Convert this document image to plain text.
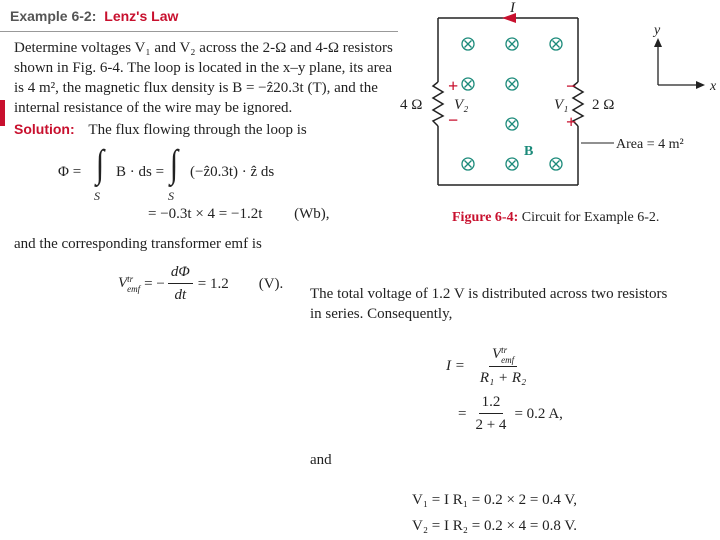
Example 6-2: Lenz's Law
Determine voltages V₁ and V₂ across the 2-Ω and 4-Ω resistors
shown in Fig. 6-4. The loop is located in the x–y plane, its area
is 4 m², the magnetic flux density is B = −ẑ20.3t (T), and the
internal resistance of the wire may be ignored.
Solution: The flux flowing through the loop is
Φ = ∫
S
B · ds = ∫
S
(−ẑ0.3t) · ẑ ds
= −0.3t × 4 = −1.2t (Wb),
and the corresponding transformer emf is
V tr
emf = − $\frac{d\Phi}{dt} = 1.2$ (V).
The total voltage of 1.2 V is distributed across two resistors
in series. Consequently,
I = V tr
emf
R₁ + R₂
= $\frac{1.2}{2 + 4} = 0.2$ A,
and
V₁ = I R₁ = 0.2 × 2 = 0.4 V,
V₂ = I R₂ = 0.2 × 4 = 0.8 V.
I
+
−
−
+
4 Ω V₂	V₁ 2 Ω
B	Area = 4 m²
y
x
Figure 6-4: Circuit for Example 6-2.
